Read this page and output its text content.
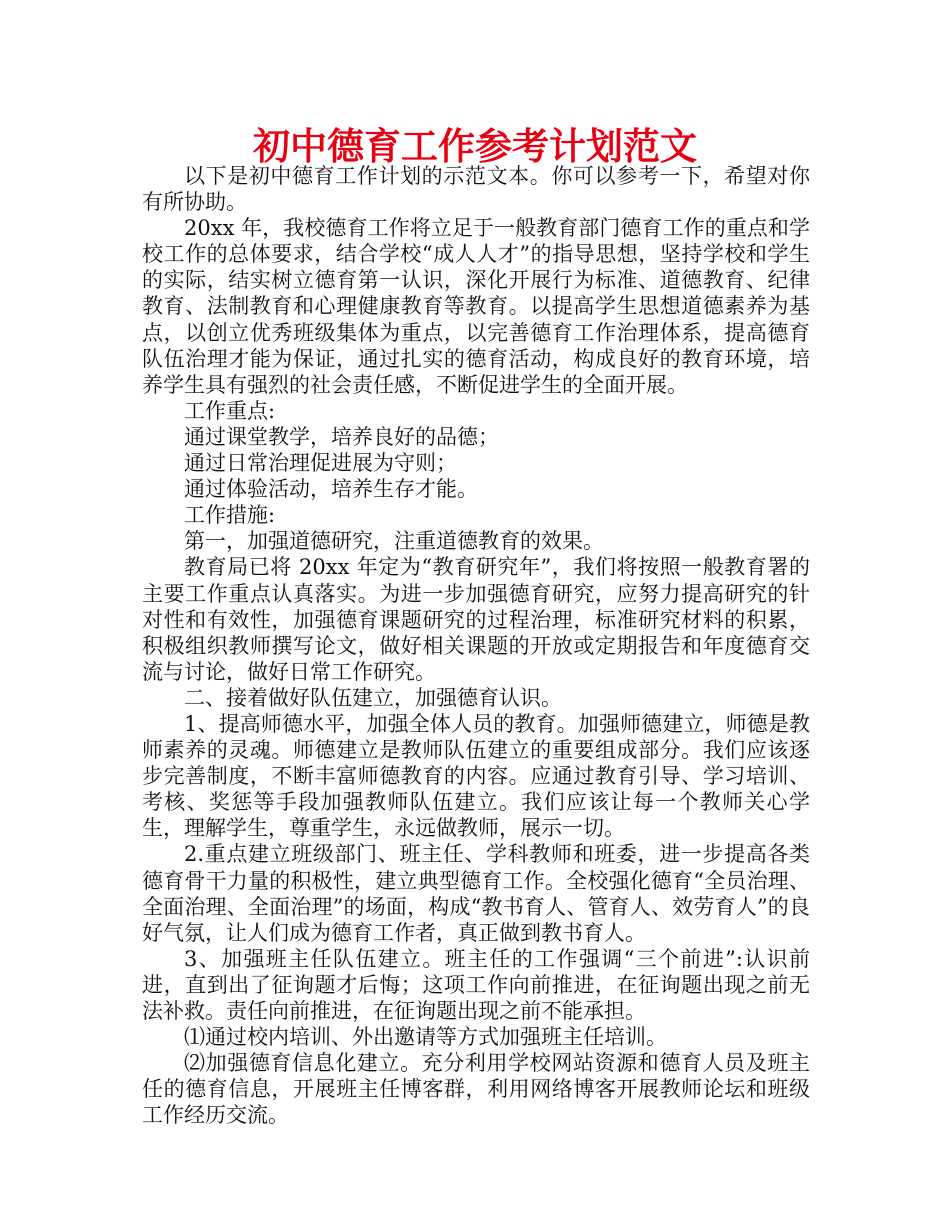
初中德育工作参考计划范文

以下是初中德育工作计划的示范文本。你可以参考一下，希望对你有所协助。

20xx 年，我校德育工作将立足于一般教育部门德育工作的重点和学校工作的总体要求，结合学校“成人人才”的指导思想，坚持学校和学生的实际，结实树立德育第一认识，深化开展行为标准、道德教育、纪律教育、法制教育和心理健康教育等教育。以提高学生思想道德素养为基点，以创立优秀班级集体为重点，以完善德育工作治理体系，提高德育队伍治理才能为保证，通过扎实的德育活动，构成良好的教育环境，培养学生具有强烈的社会责任感，不断促进学生的全面开展。

工作重点:

通过课堂教学，培养良好的品德；

通过日常治理促进展为守则；

通过体验活动，培养生存才能。

工作措施:

第一，加强道德研究，注重道德教育的效果。

教育局已将 20xx 年定为“教育研究年”，我们将按照一般教育署的主要工作重点认真落实。为进一步加强德育研究，应努力提高研究的针对性和有效性，加强德育课题研究的过程治理，标准研究材料的积累，积极组织教师撰写论文，做好相关课题的开放或定期报告和年度德育交流与讨论，做好日常工作研究。

二、接着做好队伍建立，加强德育认识。

1、提高师德水平，加强全体人员的教育。加强师德建立，师德是教师素养的灵魂。师德建立是教师队伍建立的重要组成部分。我们应该逐步完善制度，不断丰富师德教育的内容。应通过教育引导、学习培训、考核、奖惩等手段加强教师队伍建立。我们应该让每一个教师关心学生，理解学生，尊重学生，永远做教师，展示一切。

2.重点建立班级部门、班主任、学科教师和班委，进一步提高各类德育骨干力量的积极性，建立典型德育工作。全校强化德育“全员治理、全面治理、全面治理”的场面，构成“教书育人、管育人、效劳育人”的良好气氛，让人们成为德育工作者，真正做到教书育人。

3、加强班主任队伍建立。班主任的工作强调“三个前进”:认识前进，直到出了征询题才后悔；这项工作向前推进，在征询题出现之前无法补救。责任向前推进，在征询题出现之前不能承担。

⑴通过校内培训、外出邀请等方式加强班主任培训。

⑵加强德育信息化建立。充分利用学校网站资源和德育人员及班主任的德育信息，开展班主任博客群，利用网络博客开展教师论坛和班级工作经历交流。
